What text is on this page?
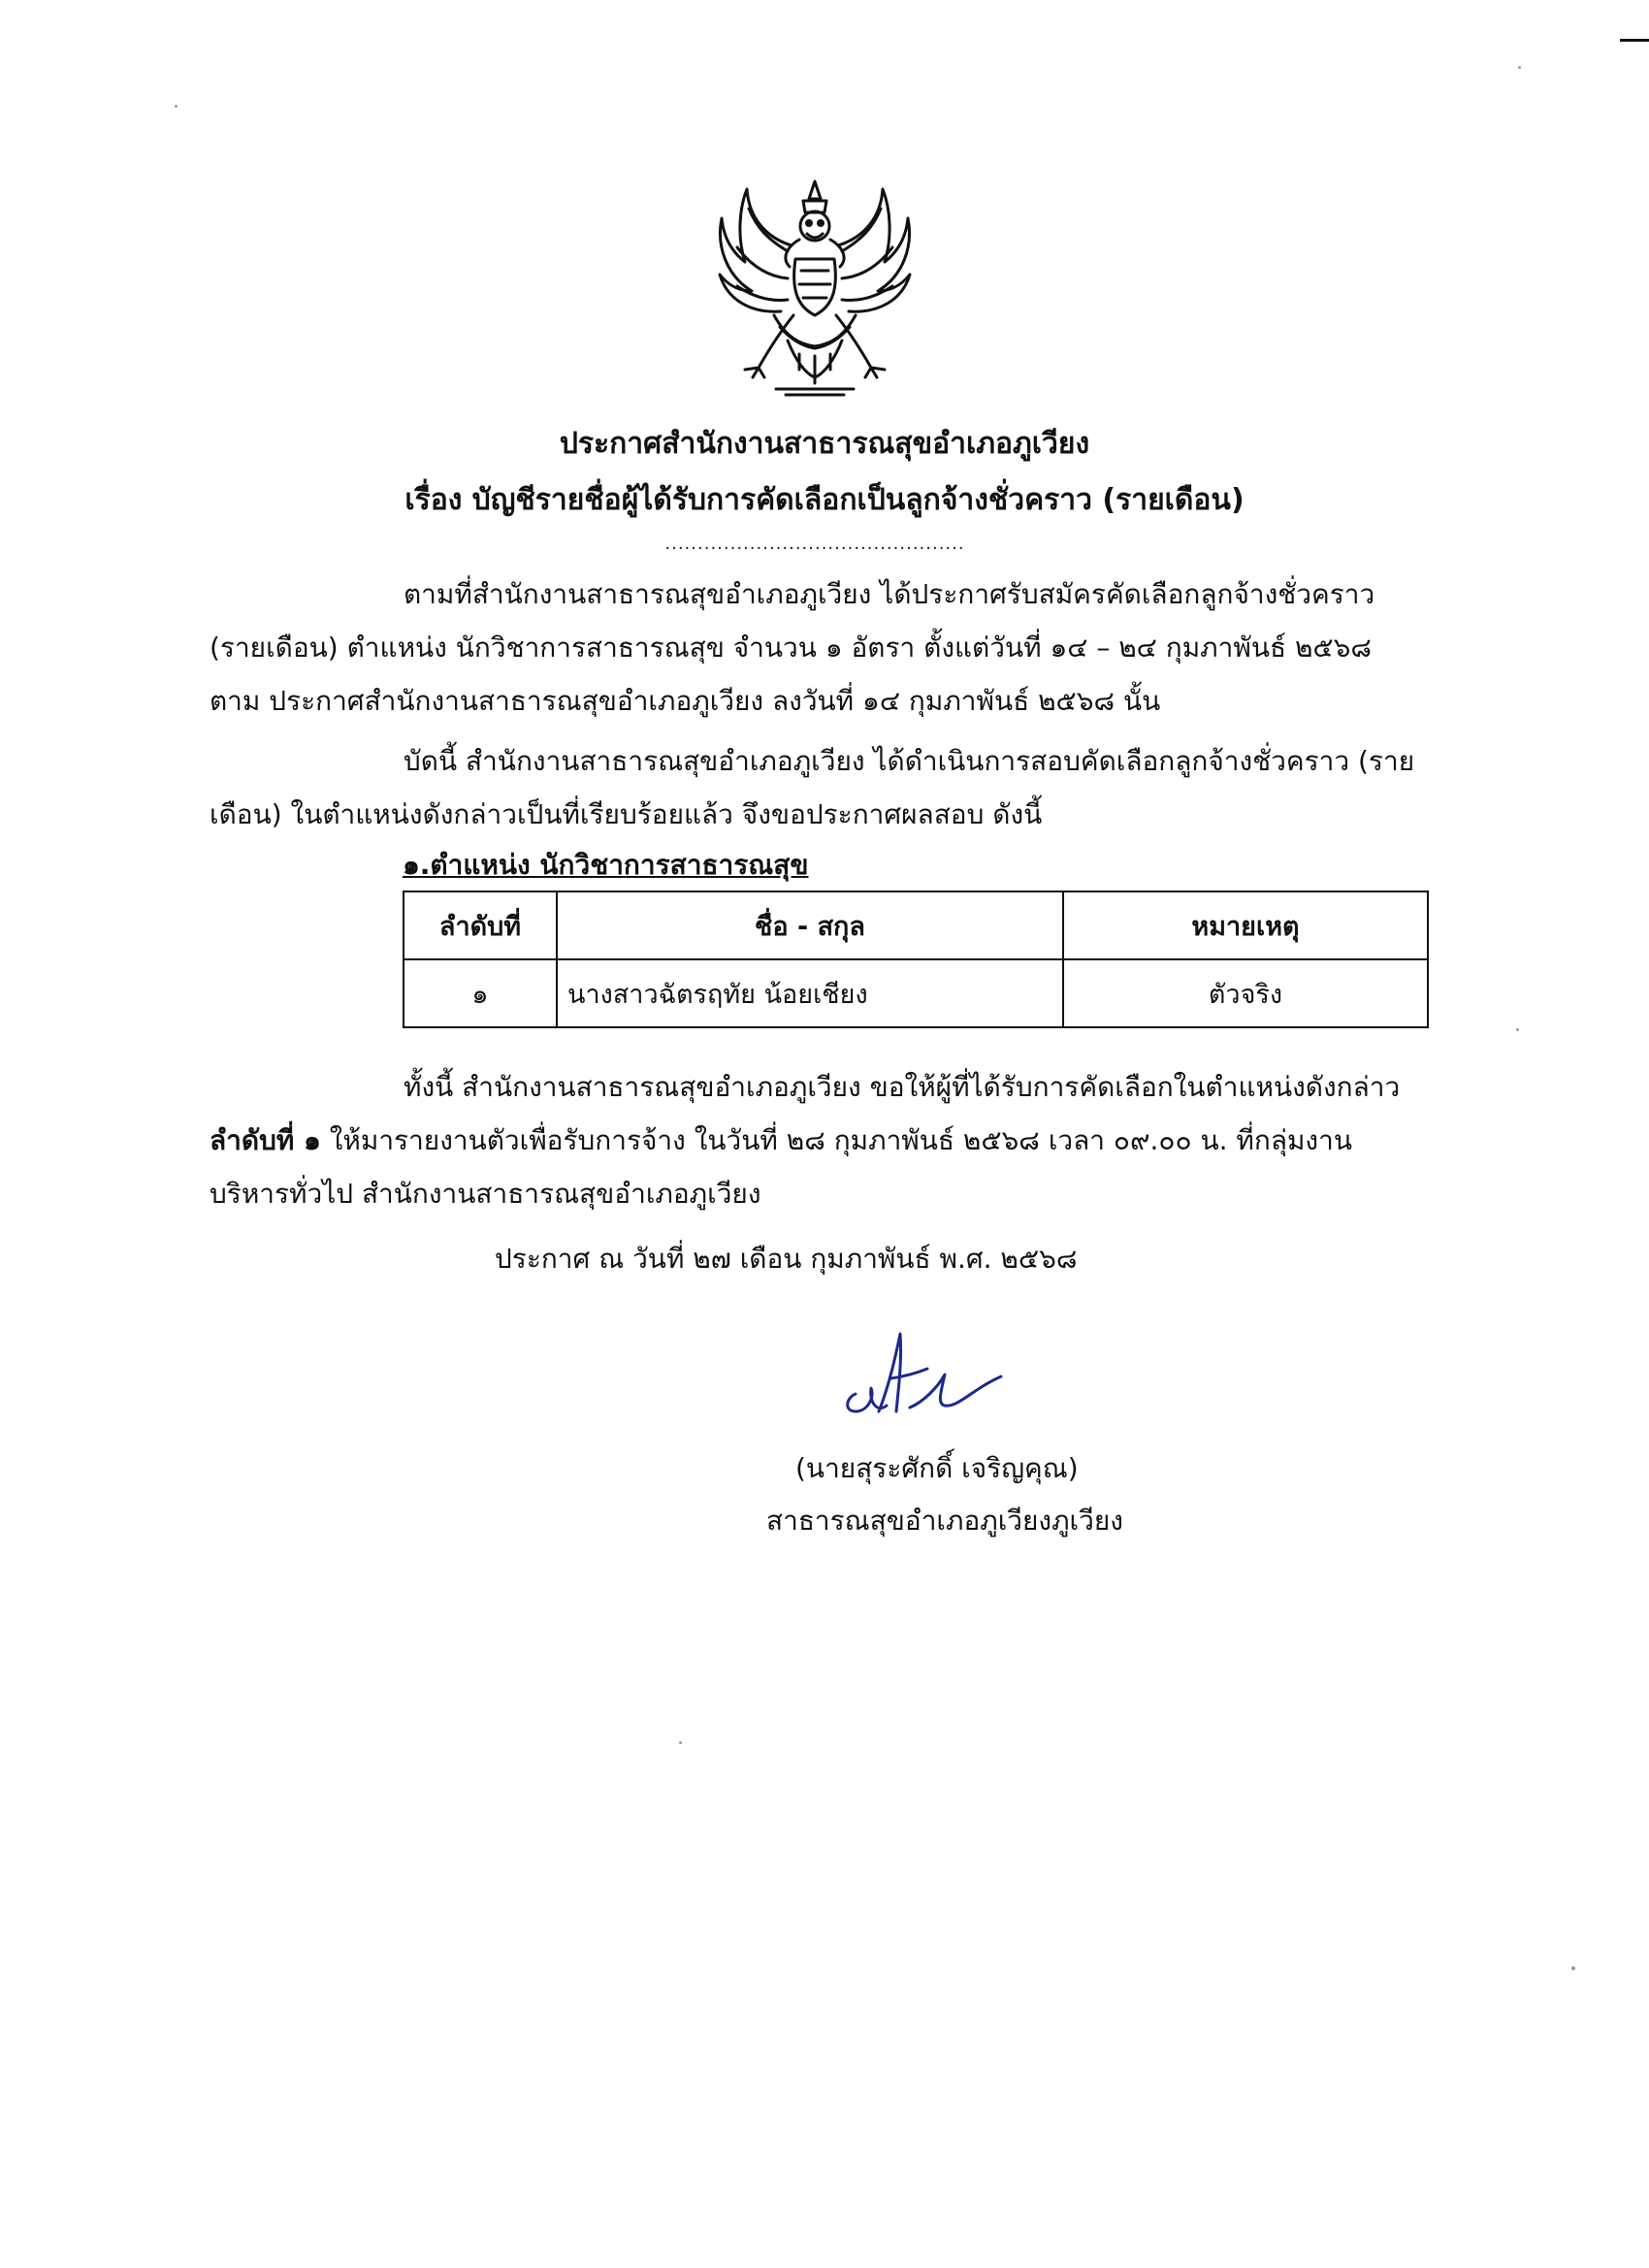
ประกาศสำนักงานสาธารณสุขอำเภอภูเวียง
เรื่อง บัญชีรายชื่อผู้ได้รับการคัดเลือกเป็นลูกจ้างชั่วคราว (รายเดือน)
..............................................
ตามที่สำนักงานสาธารณสุขอำเภอภูเวียง ได้ประกาศรับสมัครคัดเลือกลูกจ้างชั่วคราว (รายเดือน) ตำแหน่ง นักวิชาการสาธารณสุข จำนวน ๑ อัตรา ตั้งแต่วันที่ ๑๔ – ๒๔ กุมภาพันธ์ ๒๕๖๘ ตาม ประกาศสำนักงานสาธารณสุขอำเภอภูเวียง ลงวันที่ ๑๔ กุมภาพันธ์ ๒๕๖๘ นั้น
บัดนี้ สำนักงานสาธารณสุขอำเภอภูเวียง ได้ดำเนินการสอบคัดเลือกลูกจ้างชั่วคราว (รายเดือน) ในตำแหน่งดังกล่าวเป็นที่เรียบร้อยแล้ว จึงขอประกาศผลสอบ ดังนี้
๑.ตำแหน่ง นักวิชาการสาธารณสุข
ลำดับที่	ชื่อ - สกุล	หมายเหตุ
๑	นางสาวฉัตรฤทัย น้อยเชียง	ตัวจริง
ทั้งนี้ สำนักงานสาธารณสุขอำเภอภูเวียง ขอให้ผู้ที่ได้รับการคัดเลือกในตำแหน่งดังกล่าว ลำดับที่ ๑ ให้มารายงานตัวเพื่อรับการจ้าง ในวันที่ ๒๘ กุมภาพันธ์ ๒๕๖๘ เวลา ๐๙.๐๐ น. ที่กลุ่มงานบริหารทั่วไป สำนักงานสาธารณสุขอำเภอภูเวียง
ประกาศ ณ วันที่ ๒๗ เดือน กุมภาพันธ์ พ.ศ. ๒๕๖๘
(นายสุระศักดิ์ เจริญคุณ)
สาธารณสุขอำเภอภูเวียงภูเวียง
